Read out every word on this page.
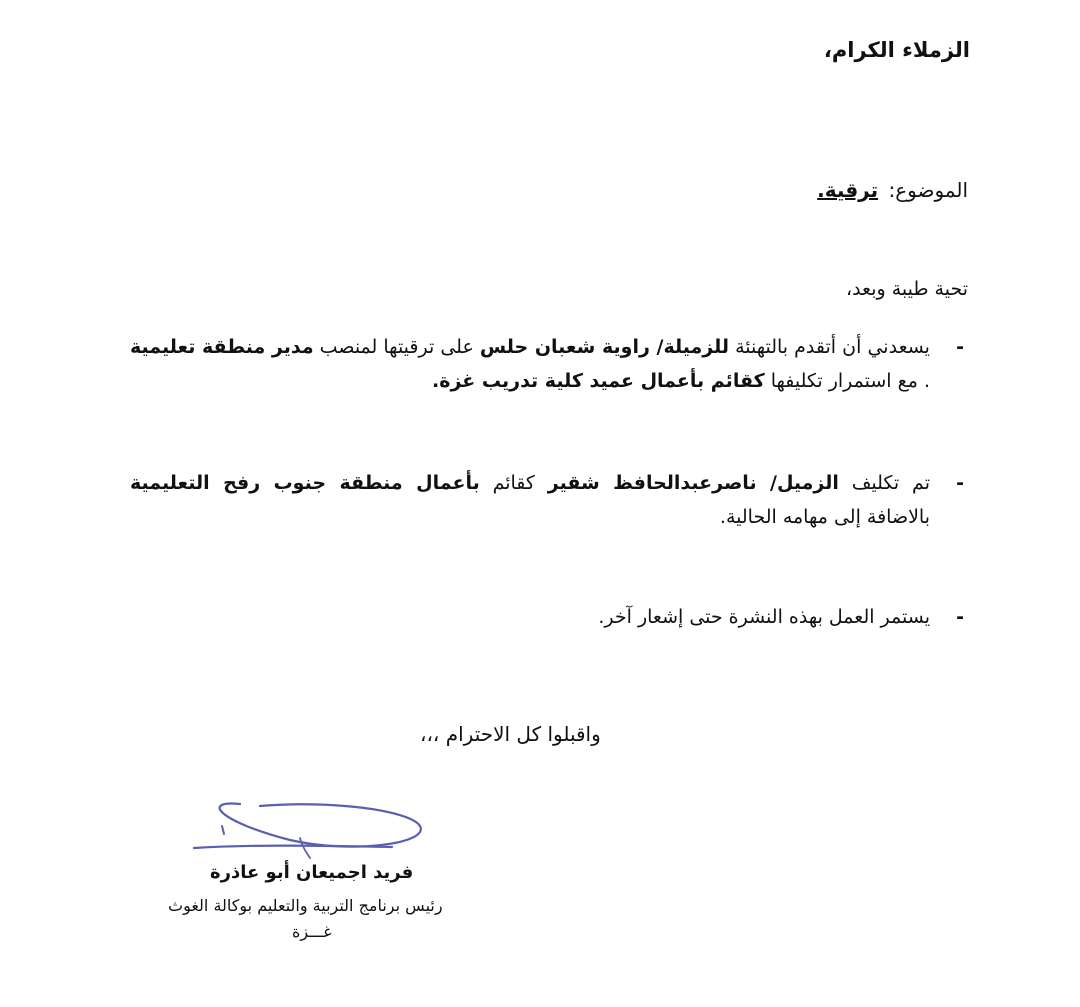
الزملاء الكرام،
الموضوع: ترقية.
تحية طيبة وبعد،
-
يسعدني أن أتقدم بالتهنئة للزميلة/ راوية شعبان حلس على ترقيتها لمنصب مدير منطقة تعليمية . مع استمرار تكليفها كقائم بأعمال عميد كلية تدريب غزة.
-
تم تكليف الزميل/ ناصرعبدالحافظ شقير كقائم بأعمال منطقة جنوب رفح التعليمية بالاضافة إلى مهامه الحالية.
-
يستمر العمل بهذه النشرة حتى إشعار آخر.
واقبلوا كل الاحترام ،،،
فريد اجميعان أبو عاذرة
رئيس برنامج التربية والتعليم بوكالة الغوث
غـــزة
